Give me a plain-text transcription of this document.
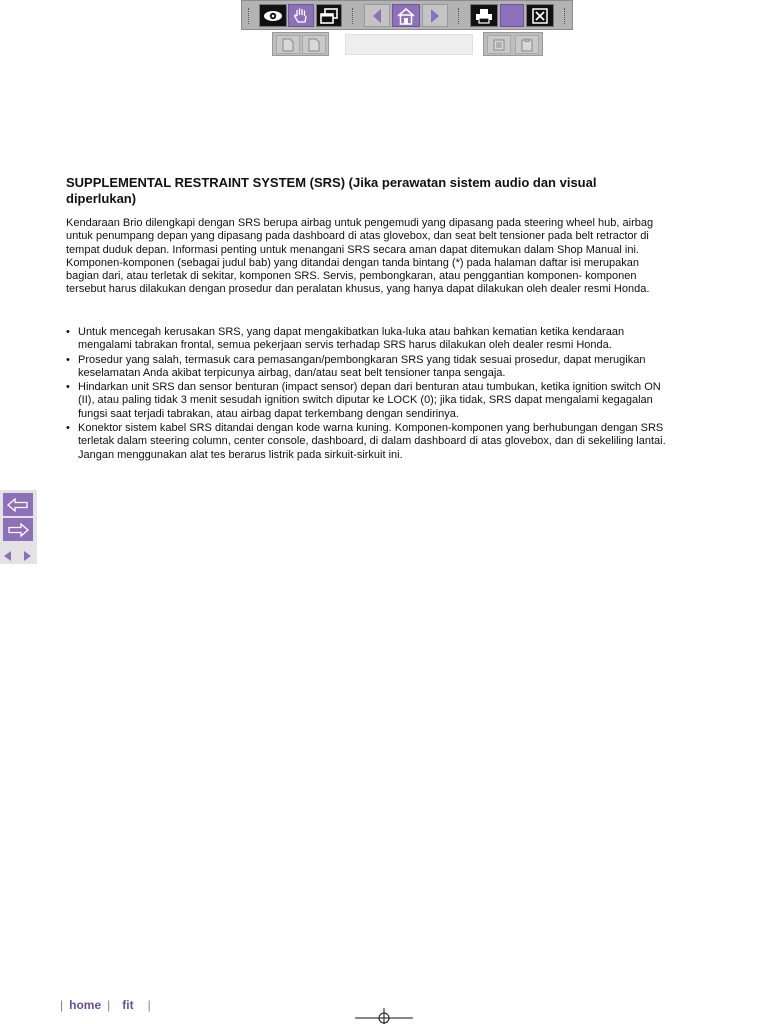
SUPPLEMENTAL RESTRAINT SYSTEM (SRS) (Jika perawatan sistem audio dan visual diperlukan)

Kendaraan Brio dilengkapi dengan SRS berupa airbag untuk pengemudi yang dipasang pada steering wheel hub, airbag untuk penumpang depan yang dipasang pada dashboard di atas glovebox, dan seat belt tensioner pada belt retractor di tempat duduk depan. Informasi penting untuk menangani SRS secara aman dapat ditemukan dalam Shop Manual ini. Komponen-komponen (sebagai judul bab) yang ditandai dengan tanda bintang (*) pada halaman daftar isi merupakan bagian dari, atau terletak di sekitar, komponen SRS. Servis, pembongkaran, atau penggantian komponen- komponen tersebut harus dilakukan dengan prosedur dan peralatan khusus, yang hanya dapat dilakukan oleh dealer resmi Honda.

• Untuk mencegah kerusakan SRS, yang dapat mengakibatkan luka-luka atau bahkan kematian ketika kendaraan mengalami tabrakan frontal, semua pekerjaan servis terhadap SRS harus dilakukan oleh dealer resmi Honda.
• Prosedur yang salah, termasuk cara pemasangan/pembongkaran SRS yang tidak sesuai prosedur, dapat merugikan keselamatan Anda akibat terpicunya airbag, dan/atau seat belt tensioner tanpa sengaja.
• Hindarkan unit SRS dan sensor benturan (impact sensor) depan dari benturan atau tumbukan, ketika ignition switch ON (II), atau paling tidak 3 menit sesudah ignition switch diputar ke LOCK (0); jika tidak, SRS dapat mengalami kegagalan fungsi saat terjadi tabrakan, atau airbag dapat terkembang dengan sendirinya.
• Konektor sistem kabel SRS ditandai dengan kode warna kuning. Komponen-komponen yang berhubungan dengan SRS terletak dalam steering column, center console, dashboard, di dalam dashboard di atas glovebox, dan di sekeliling lantai. Jangan menggunakan alat tes berarus listrik pada sirkuit-sirkuit ini.
| home | fit |
